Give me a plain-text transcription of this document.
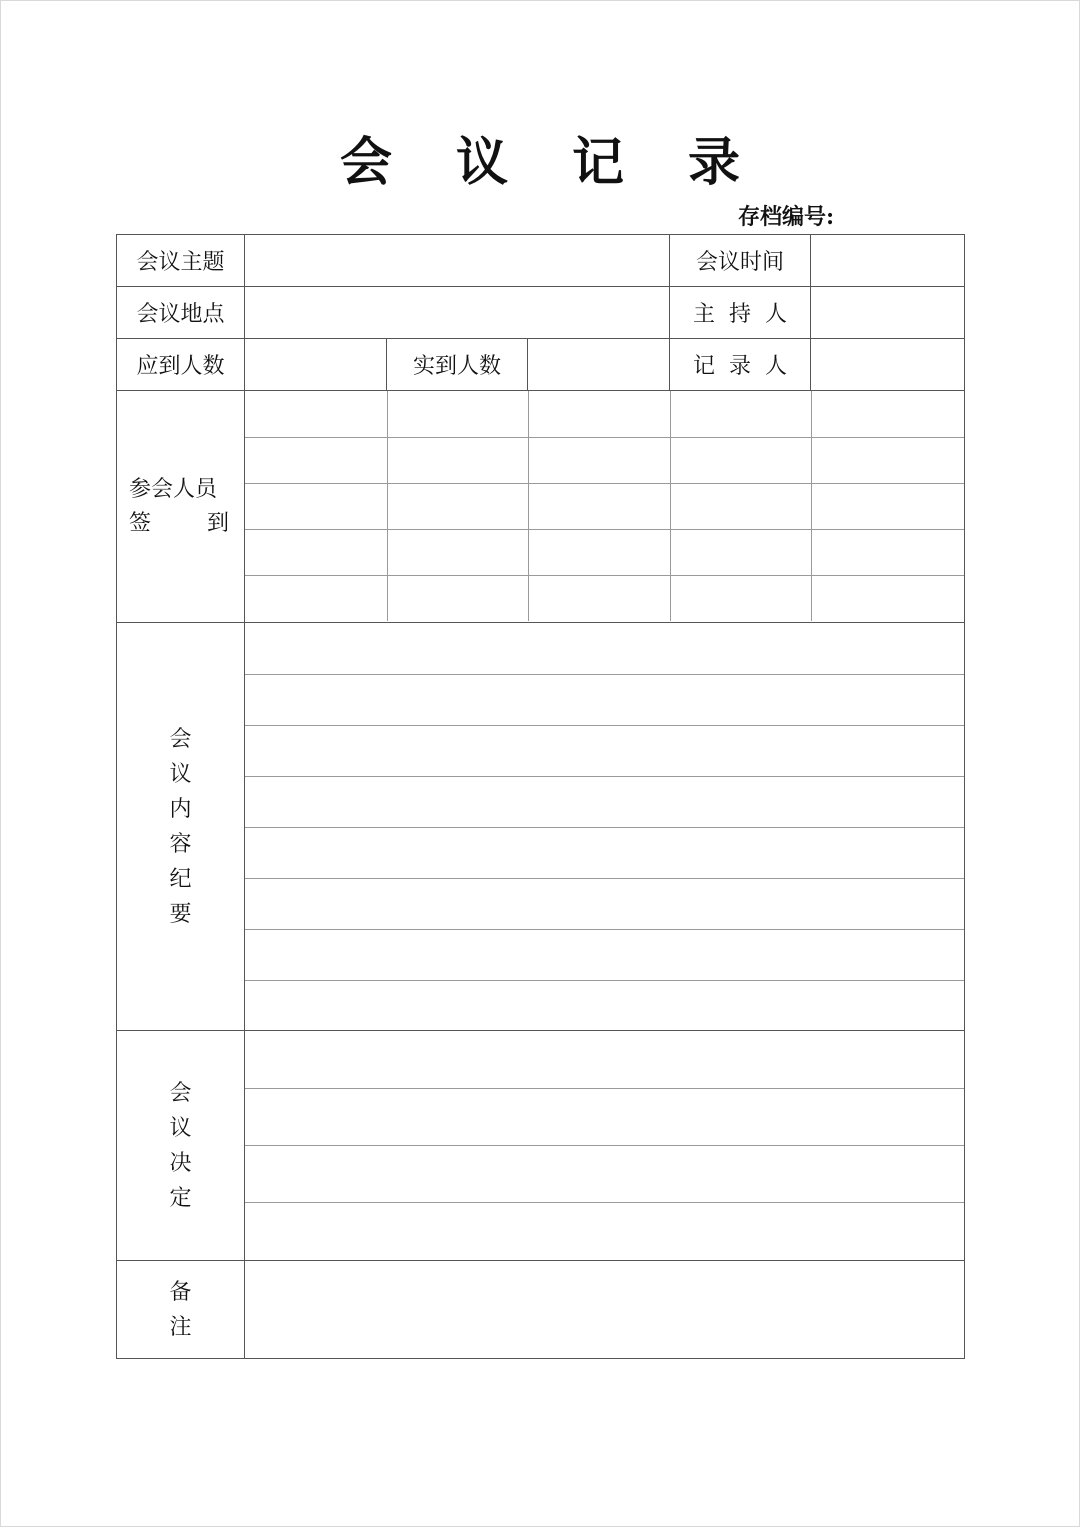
会 议 记 录
存档编号:
会议主题		会议时间	
会议地点		主 持 人	
应到人数		实到人数		记 录 人	

参会人员
签	到

会
议
内
容
纪
要

会
议
决
定

备
注
